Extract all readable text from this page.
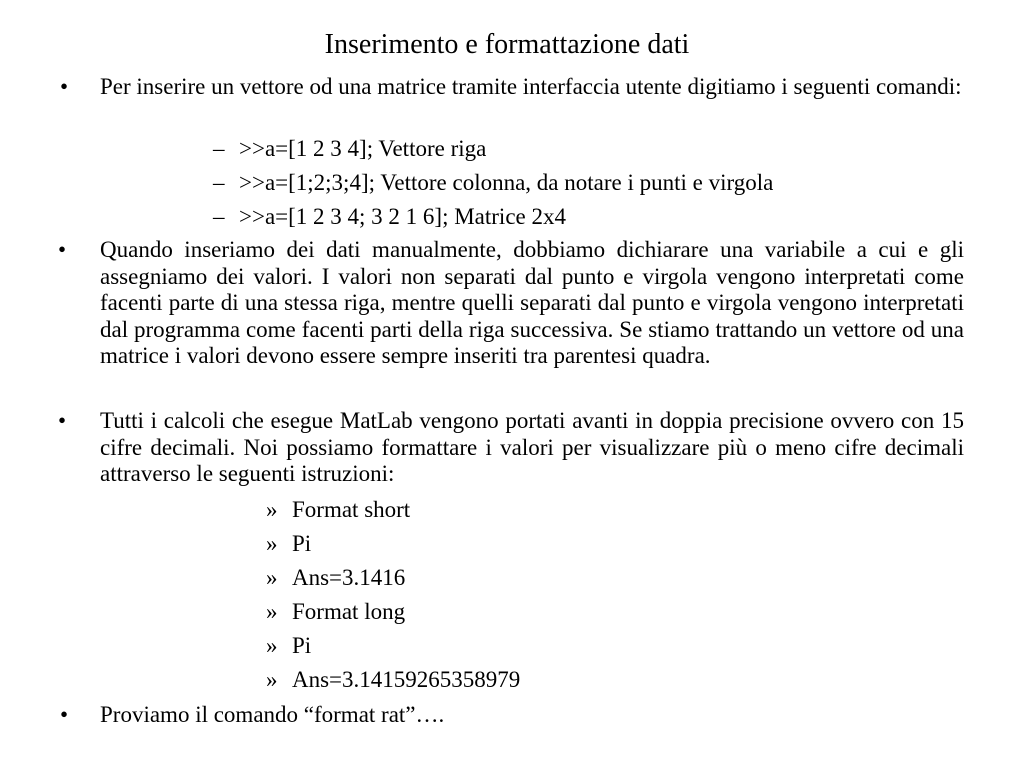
Inserimento e formattazione dati
• Per inserire un vettore od una matrice tramite interfaccia utente digitiamo i seguenti comandi:
– >>a=[1 2 3 4]; Vettore riga
– >>a=[1;2;3;4]; Vettore colonna, da notare i punti e virgola
– >>a=[1 2 3 4; 3 2 1 6]; Matrice 2x4
• Quando inseriamo dei dati manualmente, dobbiamo dichiarare una variabile a cui e gli assegniamo dei valori. I valori non separati dal punto e virgola vengono interpretati come facenti parte di una stessa riga, mentre quelli separati dal punto e virgola vengono interpretati dal programma come facenti parti della riga successiva. Se stiamo trattando un vettore od una matrice i valori devono essere sempre inseriti tra parentesi quadra.
• Tutti i calcoli che esegue MatLab vengono portati avanti in doppia precisione ovvero con 15 cifre decimali. Noi possiamo formattare i valori per visualizzare più o meno cifre decimali attraverso le seguenti istruzioni:
» Format short
» Pi
» Ans=3.1416
» Format long
» Pi
» Ans=3.14159265358979
• Proviamo il comando “format rat”….
